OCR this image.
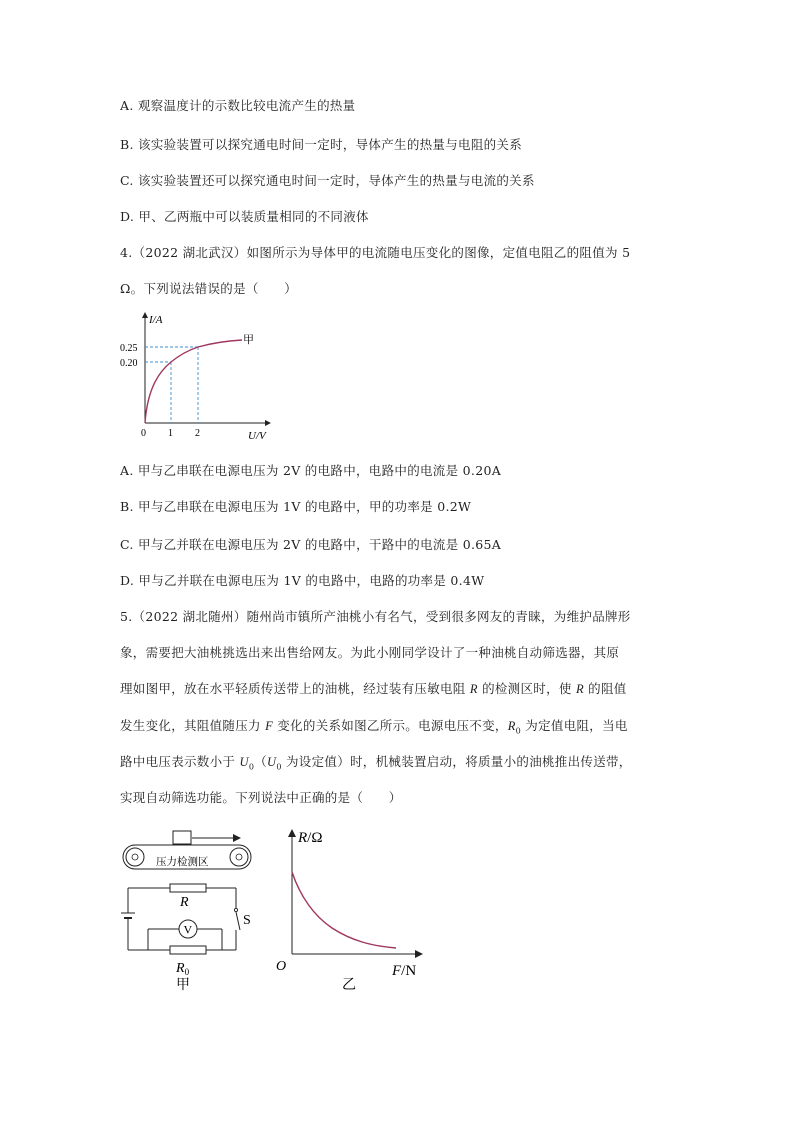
A. 观察温度计的示数比较电流产生的热量
B. 该实验装置可以探究通电时间一定时，导体产生的热量与电阻的关系
C. 该实验装置还可以探究通电时间一定时，导体产生的热量与电流的关系
D. 甲、乙两瓶中可以装质量相同的不同液体
4.（2022 湖北武汉）如图所示为导体甲的电流随电压变化的图像，定值电阻乙的阻值为 5
Ω。下列说法错误的是（　　）
I/A
甲
0.25
0.20
0 1 2	U/V
A. 甲与乙串联在电源电压为 2V 的电路中，电路中的电流是 0.20A
B. 甲与乙串联在电源电压为 1V 的电路中，甲的功率是 0.2W
C. 甲与乙并联在电源电压为 2V 的电路中，干路中的电流是 0.65A
D. 甲与乙并联在电源电压为 1V 的电路中，电路的功率是 0.4W
5.（2022 湖北随州）随州尚市镇所产油桃小有名气，受到很多网友的青睐，为维护品牌形
象，需要把大油桃挑选出来出售给网友。为此小刚同学设计了一种油桃自动筛选器，其原
理如图甲，放在水平轻质传送带上的油桃，经过装有压敏电阻 R 的检测区时，使 R 的阻值
发生变化，其阻值随压力 F 变化的关系如图乙所示。电源电压不变，$R_0$ 为定值电阻，当电
路中电压表示数小于 $U_0(U_0$ 为设定值）时，机械装置启动，将质量小的油桃推出传送带，
实现自动筛选功能。下列说法中正确的是（　　）
压力检测区
S
V
R
$R_0$
甲
R/Ω
O	F/N
乙
